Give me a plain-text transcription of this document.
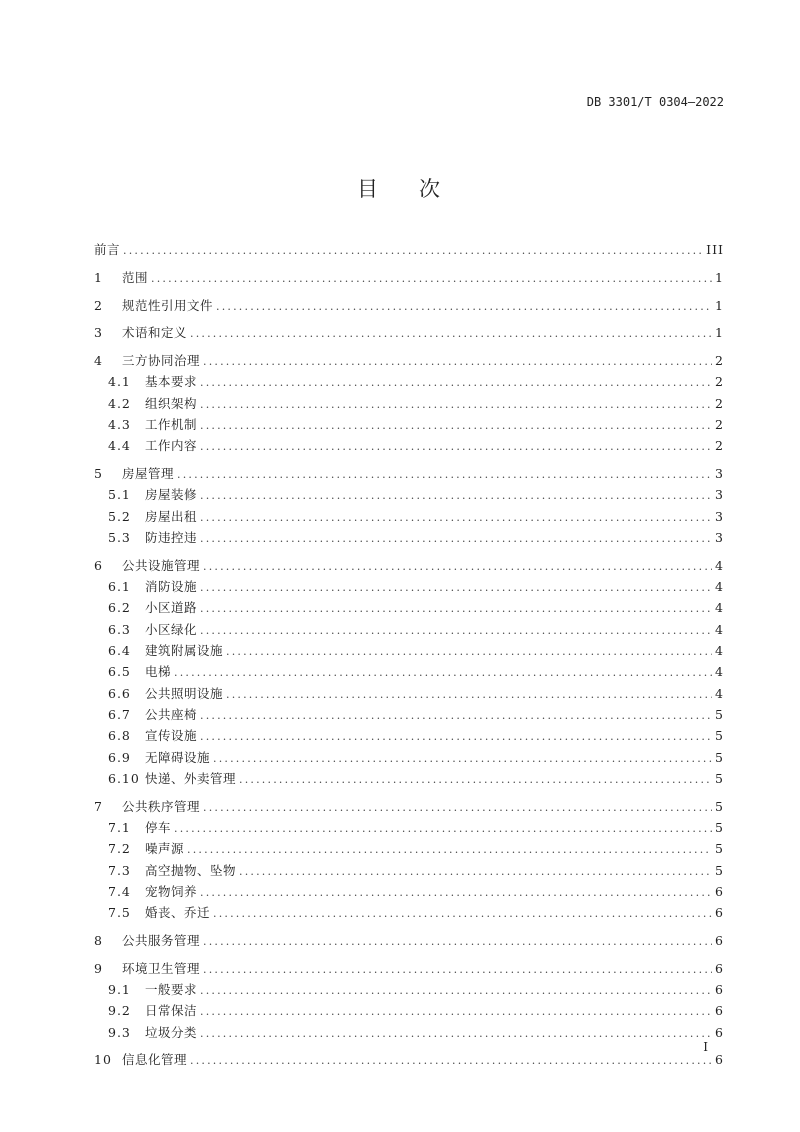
DB 3301/T 0304—2022
目 次
前言 .....	III
1	范围 .....	1
2	规范性引用文件 .....	1
3	术语和定义 .....	1
4	三方协同治理 .....	2
4.1	基本要求 .....	2
4.2	组织架构 .....	2
4.3	工作机制 .....	2
4.4	工作内容 .....	2
5	房屋管理 .....	3
5.1	房屋装修 .....	3
5.2	房屋出租 .....	3
5.3	防违控违 .....	3
6	公共设施管理 .....	4
6.1	消防设施 .....	4
6.2	小区道路 .....	4
6.3	小区绿化 .....	4
6.4	建筑附属设施 .....	4
6.5	电梯 .....	4
6.6	公共照明设施 .....	4
6.7	公共座椅 .....	5
6.8	宣传设施 .....	5
6.9	无障碍设施 .....	5
6.10 快递、外卖管理 .....	5
7	公共秩序管理 .....	5
7.1	停车 .....	5
7.2	噪声源 .....	5
7.3	高空抛物、坠物 .....	5
7.4	宠物饲养 .....	6
7.5	婚丧、乔迁 .....	6
8	公共服务管理 .....	6
9	环境卫生管理 .....	6
9.1	一般要求 .....	6
9.2	日常保洁 .....	6
9.3	垃圾分类 .....	6
10 信息化管理 .....	6
I
